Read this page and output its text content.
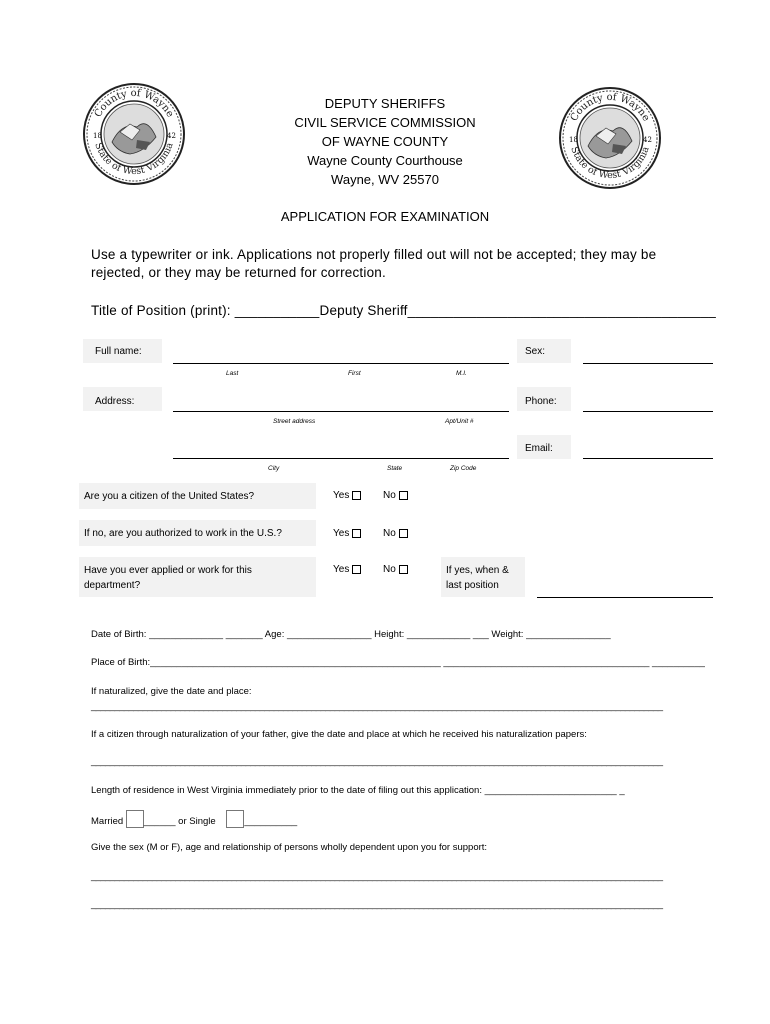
County of Wayne
State of West Virginia
18	42
County of Wayne
State of West Virginia
18	42
DEPUTY SHERIFFS
CIVIL SERVICE COMMISSION
OF WAYNE COUNTY
Wayne County Courthouse
Wayne, WV 25570
APPLICATION FOR EXAMINATION
Use a typewriter or ink. Applications not properly filled out will not be accepted; they may be rejected, or they may be returned for correction.
Title of Position (print): ___________Deputy Sheriff________________________________________
Full name:
Last	First	M.I.
Sex:
Address:
Street address	Apt/Unit #
Phone:
City	State	Zip Code
Email:
Are you a citizen of the United States?	Yes	No
If no, are you authorized to work in the U.S.?	Yes	No
Have you ever applied or work for this department?
Yes	No	If yes, when & last position
Date of Birth: ______________ _______ Age: ________________ Height: ____________ ___ Weight: ________________
Place of Birth:_______________________________________________________ _______________________________________ __________
If naturalized, give the date and place:
__________________________________________________________________________________________________________________________
If a citizen through naturalization of your father, give the date and place at which he received his naturalization papers:
__________________________________________________________________________________________________________________________
Length of residence in West Virginia immediately prior to the date of filing out this application: _________________________ _
Married ______ or Single	__________
Give the sex (M or F), age and relationship of persons wholly dependent upon you for support:
__________________________________________________________________________________________________________________________
__________________________________________________________________________________________________________________________
